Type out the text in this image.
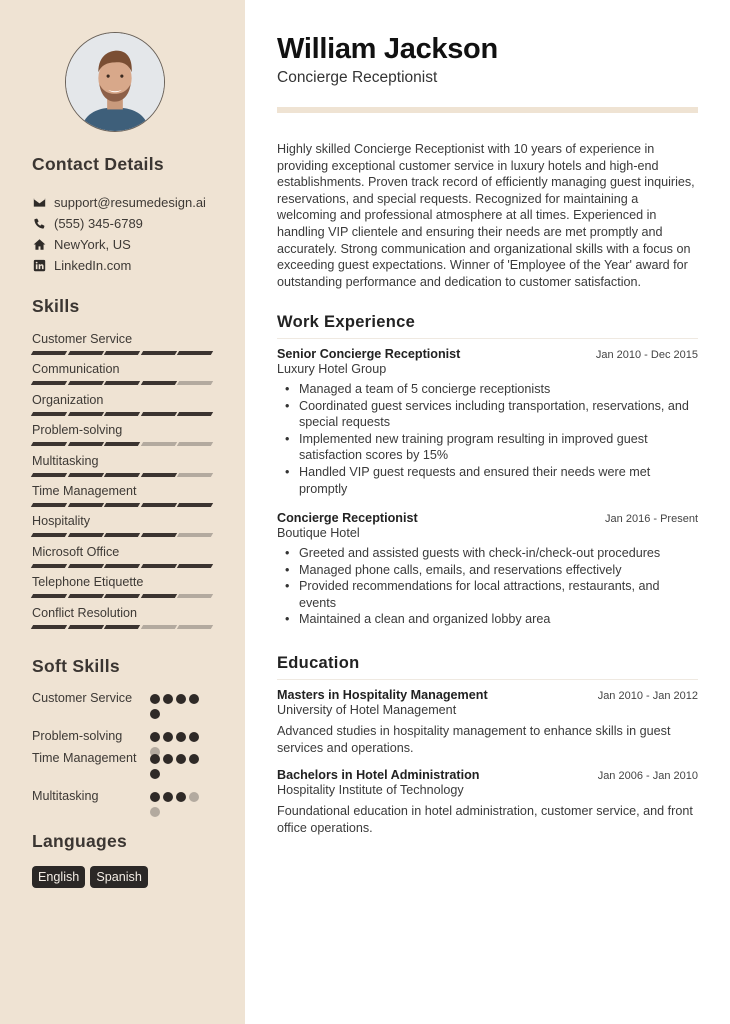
Contact Details
support@resumedesign.ai
(555) 345-6789
NewYork, US
LinkedIn.com
Skills
Customer Service
Communication
Organization
Problem-solving
Multitasking
Time Management
Hospitality
Microsoft Office
Telephone Etiquette
Conflict Resolution
Soft Skills
Customer Service
Problem-solving
Time Management
Multitasking
Languages
English	Spanish
William Jackson
Concierge Receptionist

Highly skilled Concierge Receptionist with 10 years of experience in providing exceptional customer service in luxury hotels and high-end establishments. Proven track record of efficiently managing guest inquiries, reservations, and special requests. Recognized for maintaining a welcoming and professional atmosphere at all times. Experienced in handling VIP clientele and ensuring their needs are met promptly and accurately. Strong communication and organizational skills with a focus on exceeding guest expectations. Winner of 'Employee of the Year' award for outstanding performance and dedication to customer satisfaction.

Work Experience
Senior Concierge Receptionist	Jan 2010 - Dec 2015
Luxury Hotel Group
• Managed a team of 5 concierge receptionists
• Coordinated guest services including transportation, reservations, and special requests
• Implemented new training program resulting in improved guest satisfaction scores by 15%
• Handled VIP guest requests and ensured their needs were met promptly
Concierge Receptionist	Jan 2016 - Present
Boutique Hotel
• Greeted and assisted guests with check-in/check-out procedures
• Managed phone calls, emails, and reservations effectively
• Provided recommendations for local attractions, restaurants, and events
• Maintained a clean and organized lobby area
Education
Masters in Hospitality Management	Jan 2010 - Jan 2012
University of Hotel Management

Advanced studies in hospitality management to enhance skills in guest services and operations.

Bachelors in Hotel Administration	Jan 2006 - Jan 2010
Hospitality Institute of Technology

Foundational education in hotel administration, customer service, and front office operations.
